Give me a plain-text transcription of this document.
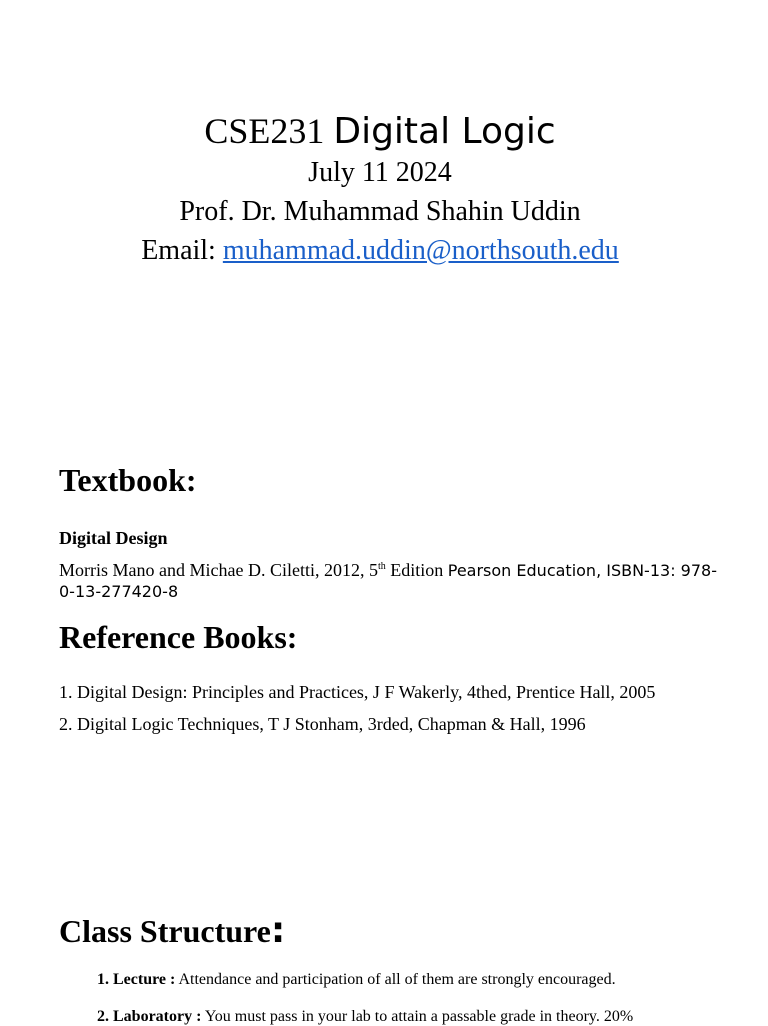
CSE231 Digital Logic
July 11 2024
Prof. Dr. Muhammad Shahin Uddin
Email: muhammad.uddin@northsouth.edu
Textbook:
Digital Design
Morris Mano and Michae D. Ciletti, 2012, 5th Edition Pearson Education, ISBN-13: 978-0-13-277420-8
Reference Books:
1. Digital Design: Principles and Practices, J F Wakerly, 4thed, Prentice Hall, 2005
2. Digital Logic Techniques, T J Stonham, 3rded, Chapman & Hall, 1996
Class Structure:
1. Lecture : Attendance and participation of all of them are strongly encouraged.
2. Laboratory : You must pass in your lab to attain a passable grade in theory. 20%
